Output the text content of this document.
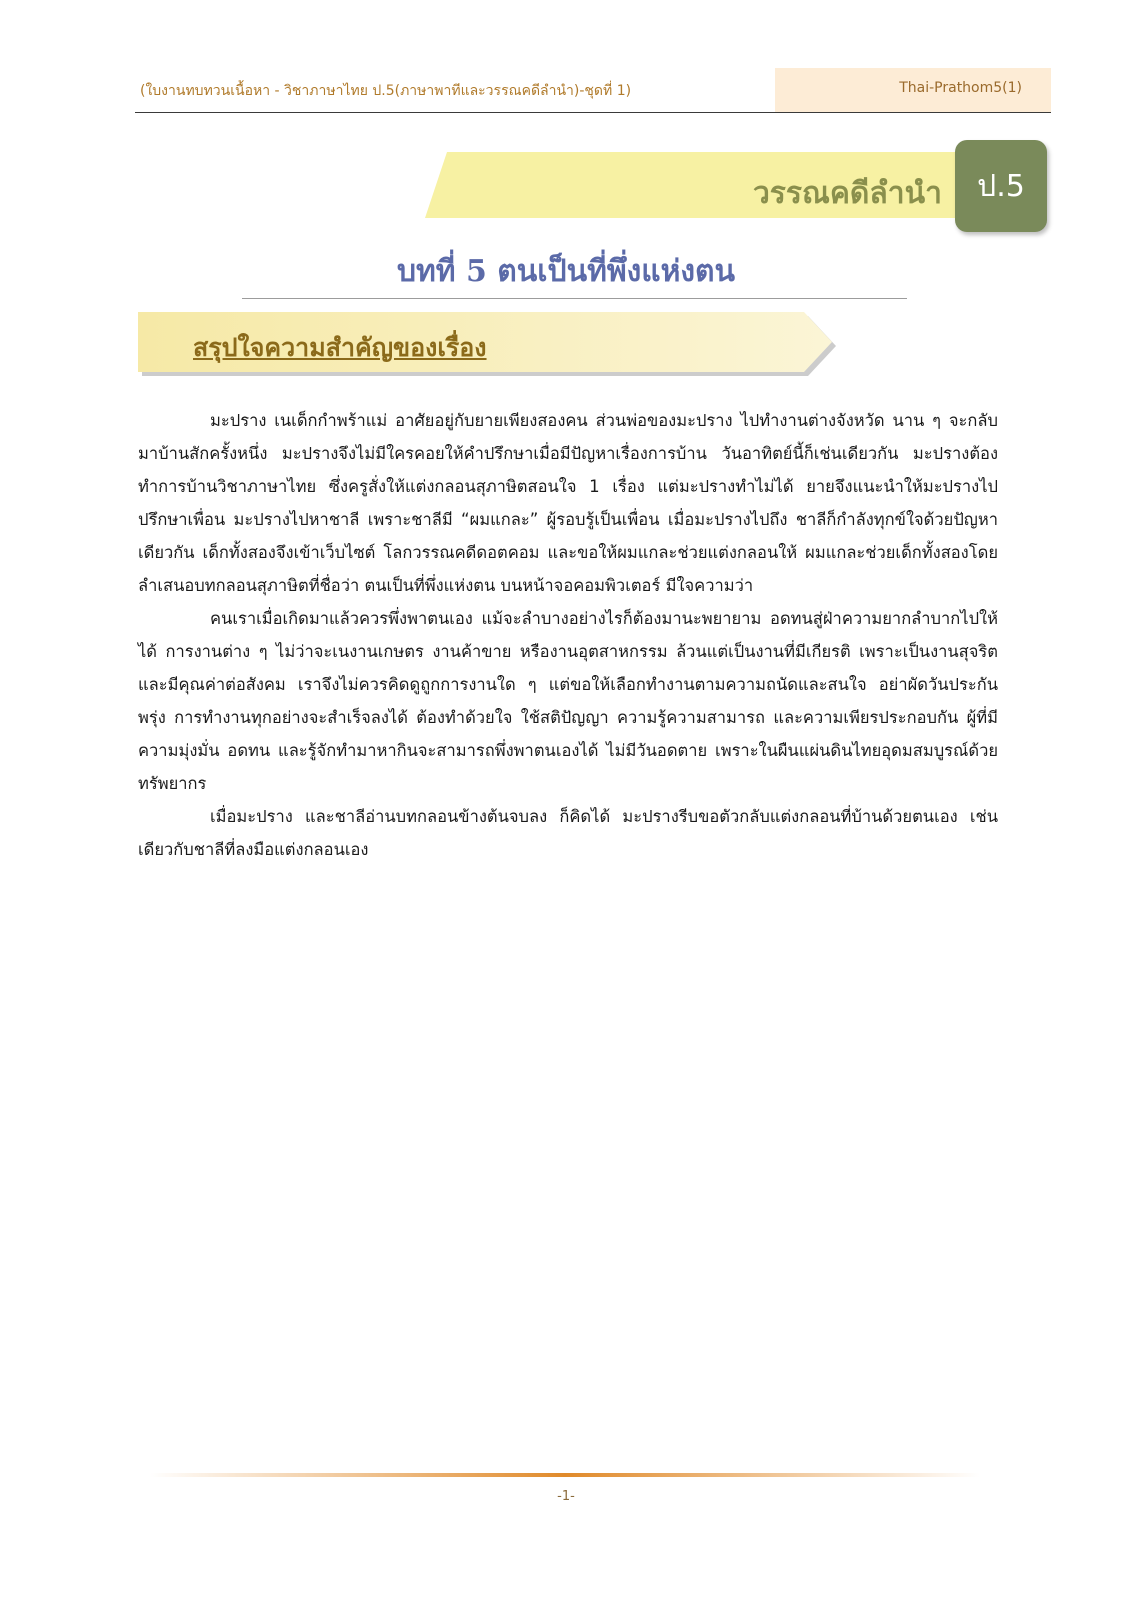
(ใบงานทบทวนเนื้อหา - วิชาภาษาไทย ป.5(ภาษาพาทีและวรรณคดีลำนำ)-ชุดที่ 1)	Thai-Prathom5(1)
วรรณคดีลำนำ	ป.5
บทที่ 5 ตนเป็นที่พึ่งแห่งตน
สรุปใจความสำคัญของเรื่อง

มะปราง เนเด็กกำพร้าแม่ อาศัยอยู่กับยายเพียงสองคน ส่วนพ่อของมะปราง ไปทำงานต่างจังหวัด นาน ๆ จะกลับมาบ้านสักครั้งหนึ่ง มะปรางจึงไม่มีใครคอยให้คำปรึกษาเมื่อมีปัญหาเรื่องการบ้าน วันอาทิตย์นี้ก็เช่นเดียวกัน มะปรางต้องทำการบ้านวิชาภาษาไทย ซึ่งครูสั่งให้แต่งกลอนสุภาษิตสอนใจ 1 เรื่อง แต่มะปรางทำไม่ได้ ยายจึงแนะนำให้มะปรางไปปรึกษาเพื่อน มะปรางไปหาชาลี เพราะชาลีมี “ผมแกละ” ผู้รอบรู้เป็นเพื่อน เมื่อมะปรางไปถึง ชาลีก็กำลังทุกข์ใจด้วยปัญหาเดียวกัน เด็กทั้งสองจึงเข้าเว็บไซต์ โลกวรรณคดีดอตคอม และขอให้ผมแกละช่วยแต่งกลอนให้ ผมแกละช่วยเด็กทั้งสองโดยลำเสนอบทกลอนสุภาษิตที่ชื่อว่า ตนเป็นที่พึ่งแห่งตน บนหน้าจอคอมพิวเตอร์ มีใจความว่า

คนเราเมื่อเกิดมาแล้วควรพึ่งพาตนเอง แม้จะลำบางอย่างไรก็ต้องมานะพยายาม อดทนสู่ฝ่าความยากลำบากไปให้ได้ การงานต่าง ๆ ไม่ว่าจะเนงานเกษตร งานค้าขาย หรืองานอุตสาหกรรม ล้วนแต่เป็นงานที่มีเกียรติ เพราะเป็นงานสุจริต และมีคุณค่าต่อสังคม เราจึงไม่ควรคิดดูถูกการงานใด ๆ แต่ขอให้เลือกทำงานตามความถนัดและสนใจ อย่าผัดวันประกันพรุ่ง การทำงานทุกอย่างจะสำเร็จลงได้ ต้องทำด้วยใจ ใช้สติปัญญา ความรู้ความสามารถ และความเพียรประกอบกัน ผู้ที่มีความมุ่งมั่น อดทน และรู้จักทำมาหากินจะสามารถพึ่งพาตนเองได้ ไม่มีวันอดตาย เพราะในผืนแผ่นดินไทยอุดมสมบูรณ์ด้วยทรัพยากร

เมื่อมะปราง และชาลีอ่านบทกลอนข้างต้นจบลง ก็คิดได้ มะปรางรีบขอตัวกลับแต่งกลอนที่บ้านด้วยตนเอง เช่นเดียวกับชาลีที่ลงมือแต่งกลอนเอง

-1-
